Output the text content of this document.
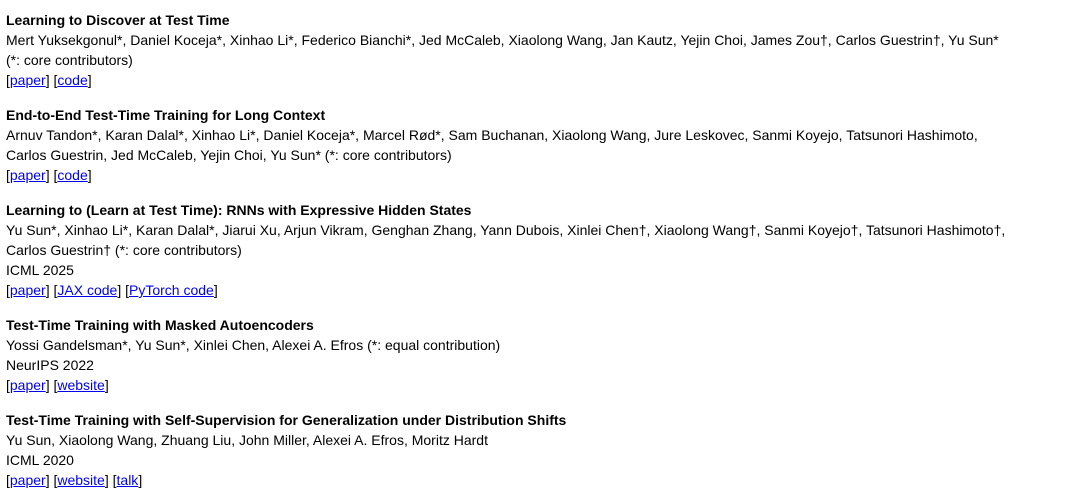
Learning to Discover at Test Time
Mert Yuksekgonul*, Daniel Koceja*, Xinhao Li*, Federico Bianchi*, Jed McCaleb, Xiaolong Wang, Jan Kautz, Yejin Choi, James Zou†, Carlos Guestrin†, Yu Sun*
(*: core contributors)
[paper] [code]
End-to-End Test-Time Training for Long Context
Arnuv Tandon*, Karan Dalal*, Xinhao Li*, Daniel Koceja*, Marcel Rød*, Sam Buchanan, Xiaolong Wang, Jure Leskovec, Sanmi Koyejo, Tatsunori Hashimoto,
Carlos Guestrin, Jed McCaleb, Yejin Choi, Yu Sun* (*: core contributors)
[paper] [code]
Learning to (Learn at Test Time): RNNs with Expressive Hidden States
Yu Sun*, Xinhao Li*, Karan Dalal*, Jiarui Xu, Arjun Vikram, Genghan Zhang, Yann Dubois, Xinlei Chen†, Xiaolong Wang†, Sanmi Koyejo†, Tatsunori Hashimoto†,
Carlos Guestrin† (*: core contributors)
ICML 2025
[paper] [JAX code] [PyTorch code]
Test-Time Training with Masked Autoencoders
Yossi Gandelsman*, Yu Sun*, Xinlei Chen, Alexei A. Efros (*: equal contribution)
NeurIPS 2022
[paper] [website]
Test-Time Training with Self-Supervision for Generalization under Distribution Shifts
Yu Sun, Xiaolong Wang, Zhuang Liu, John Miller, Alexei A. Efros, Moritz Hardt
ICML 2020
[paper] [website] [talk]
